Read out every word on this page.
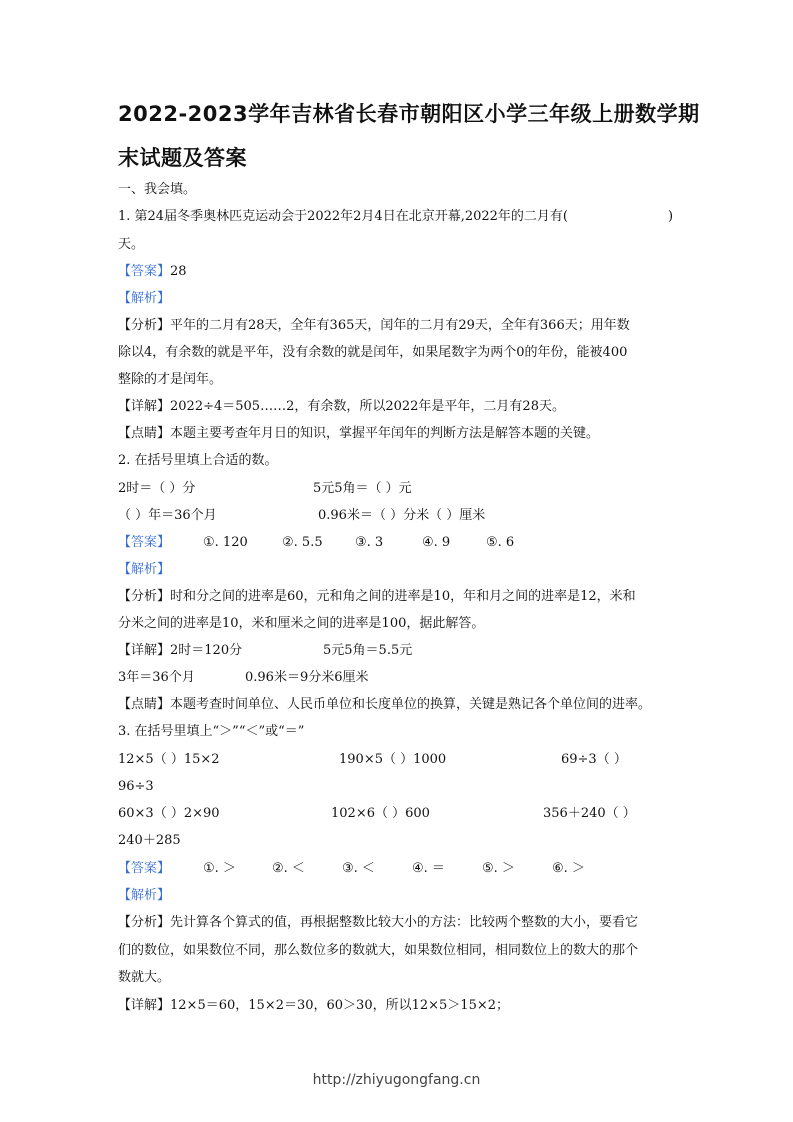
2022-2023学年吉林省长春市朝阳区小学三年级上册数学期
末试题及答案
一、我会填。
1. 第24届冬季奥林匹克运动会于2022年2月4日在北京开幕,2022年的二月有(	)
天。
【答案】28
【解析】
【分析】平年的二月有28天，全年有365天，闰年的二月有29天，全年有366天；用年数
除以4，有余数的就是平年，没有余数的就是闰年，如果尾数字为两个0的年份，能被400
整除的才是闰年。
【详解】2022÷4＝505……2，有余数，所以2022年是平年，二月有28天。
【点睛】本题主要考查年月日的知识，掌握平年闰年的判断方法是解答本题的关键。
2. 在括号里填上合适的数。
2时＝（ ）分	5元5角＝（ ）元
（ ）年＝36个月	0.96米＝（ ）分米（ ）厘米
【答案】	①. 120	②. 5.5 ③. 3	④. 9	⑤. 6
【解析】
【分析】时和分之间的进率是60，元和角之间的进率是10，年和月之间的进率是12，米和
分米之间的进率是10，米和厘米之间的进率是100，据此解答。
【详解】2时＝120分	5元5角＝5.5元
3年＝36个月	0.96米＝9分米6厘米
【点睛】本题考查时间单位、人民币单位和长度单位的换算，关键是熟记各个单位间的进率。
3. 在括号里填上“＞”“＜”或“＝”
12×5（ ）15×2	190×5（ ）1000	69÷3（ ）
96÷3
60×3（ ）2×90	102×6（ ）600	356＋240（ ）
240＋285
【答案】	①. ＞	②. ＜	③. ＜	④. ＝	⑤. ＞	⑥. ＞
【解析】
【分析】先计算各个算式的值，再根据整数比较大小的方法：比较两个整数的大小，要看它
们的数位，如果数位不同，那么数位多的数就大，如果数位相同，相同数位上的数大的那个
数就大。
【详解】12×5＝60，15×2＝30，60＞30，所以12×5＞15×2；
http://zhiyugongfang.cn
